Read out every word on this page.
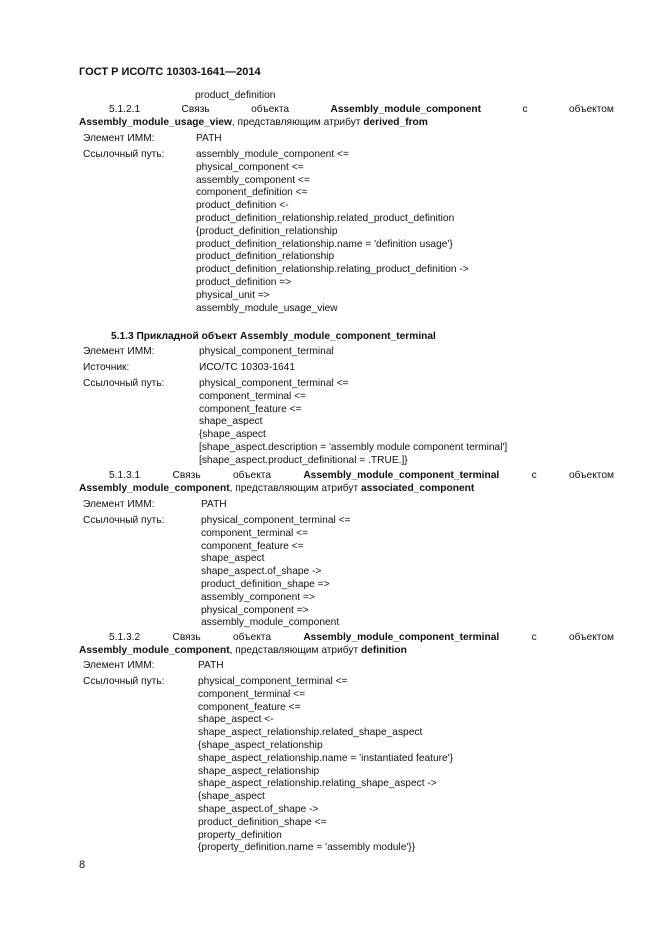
ГОСТ Р ИСО/ТС 10303-1641—2014
product_definition
5.1.2.1	Связь	объекта	Assembly_module_component	с	объектом
Assembly_module_usage_view, представляющим атрибут derived_from
Элемент ИММ:	PATH
Ссылочный путь:	assembly_module_component <=
physical_component <=
assembly_component <=
component_definition <=
product_definition <-
product_definition_relationship.related_product_definition
{product_definition_relationship
product_definition_relationship.name = 'definition usage'}
product_definition_relationship
product_definition_relationship.relating_product_definition ->
product_definition =>
physical_unit =>
assembly_module_usage_view
5.1.3 Прикладной объект Assembly_module_component_terminal
Элемент ИММ:	physical_component_terminal
Источник:	ИСО/ТС 10303-1641
Ссылочный путь:	physical_component_terminal <=
component_terminal <=
component_feature <=
shape_aspect
{shape_aspect
[shape_aspect.description = 'assembly module component terminal']
[shape_aspect.product_definitional = .TRUE.]}
5.1.3.1	Связь	объекта	Assembly_module_component_terminal	с	объектом
Assembly_module_component, представляющим атрибут associated_component
Элемент ИММ:	PATH
Ссылочный путь:	physical_component_terminal <=
component_terminal <=
component_feature <=
shape_aspect
shape_aspect.of_shape ->
product_definition_shape =>
assembly_component =>
physical_component =>
assembly_module_component
5.1.3.2	Связь	объекта	Assembly_module_component_terminal	с	объектом
Assembly_module_component, представляющим атрибут definition
Элемент ИММ:	PATH
Ссылочный путь:	physical_component_terminal <=
component_terminal <=
component_feature <=
shape_aspect <-
shape_aspect_relationship.related_shape_aspect
{shape_aspect_relationship
shape_aspect_relationship.name = 'instantiated feature'}
shape_aspect_relationship
shape_aspect_relationship.relating_shape_aspect ->
{shape_aspect
shape_aspect.of_shape ->
product_definition_shape <=
property_definition
{property_definition.name = 'assembly module'}}
8
